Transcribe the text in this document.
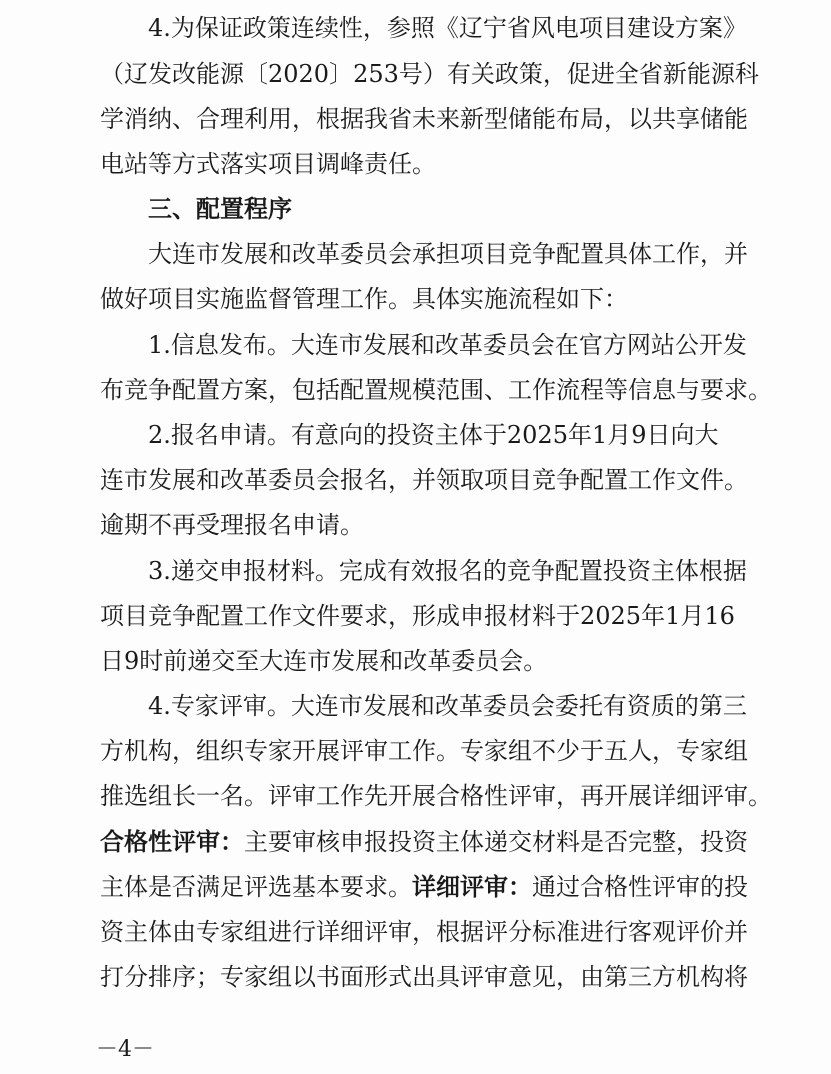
4.为保证政策连续性，参照《辽宁省风电项目建设方案》
（辽发改能源〔2020〕253号）有关政策，促进全省新能源科
学消纳、合理利用，根据我省未来新型储能布局，以共享储能
电站等方式落实项目调峰责任。
三、配置程序
大连市发展和改革委员会承担项目竞争配置具体工作，并
做好项目实施监督管理工作。具体实施流程如下：
1.信息发布。大连市发展和改革委员会在官方网站公开发
布竞争配置方案，包括配置规模范围、工作流程等信息与要求。
2.报名申请。有意向的投资主体于2025年1月9日向大
连市发展和改革委员会报名，并领取项目竞争配置工作文件。
逾期不再受理报名申请。
3.递交申报材料。完成有效报名的竞争配置投资主体根据
项目竞争配置工作文件要求，形成申报材料于2025年1月16
日9时前递交至大连市发展和改革委员会。
4.专家评审。大连市发展和改革委员会委托有资质的第三
方机构，组织专家开展评审工作。专家组不少于五人，专家组
推选组长一名。评审工作先开展合格性评审，再开展详细评审。
合格性评审：主要审核申报投资主体递交材料是否完整，投资
主体是否满足评选基本要求。详细评审：通过合格性评审的投
资主体由专家组进行详细评审，根据评分标准进行客观评价并
打分排序；专家组以书面形式出具评审意见，由第三方机构将
－4－
